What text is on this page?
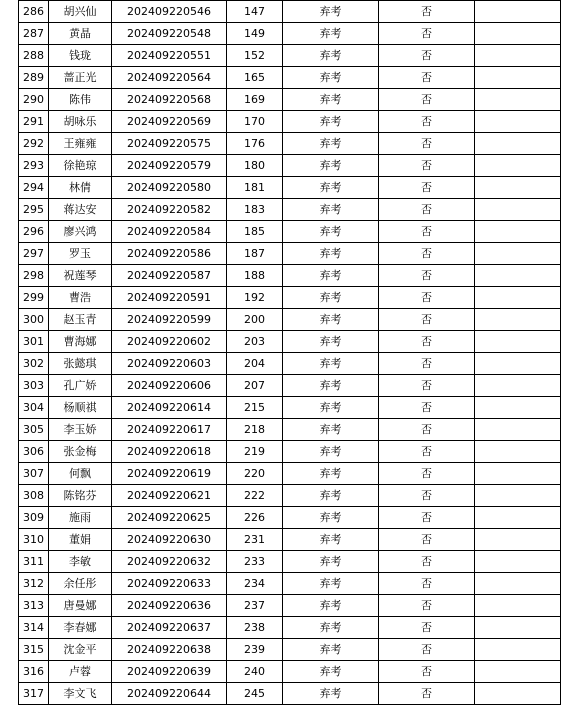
286	胡兴仙	202409220546	147	弃考	否	
287	黄晶	202409220548	149	弃考	否	
288	钱珑	202409220551	152	弃考	否	
289	蔷正光	202409220564	165	弃考	否	
290	陈伟	202409220568	169	弃考	否	
291	胡咏乐	202409220569	170	弃考	否	
292	王雍雍	202409220575	176	弃考	否	
293	徐艳琼	202409220579	180	弃考	否	
294	林倩	202409220580	181	弃考	否	
295	蒋达安	202409220582	183	弃考	否	
296	廖兴鸿	202409220584	185	弃考	否	
297	罗玉	202409220586	187	弃考	否	
298	祝莲琴	202409220587	188	弃考	否	
299	曹浩	202409220591	192	弃考	否	
300	赵玉青	202409220599	200	弃考	否	
301	曹海娜	202409220602	203	弃考	否	
302	张懿琪	202409220603	204	弃考	否	
303	孔广娇	202409220606	207	弃考	否	
304	杨顺祺	202409220614	215	弃考	否	
305	李玉娇	202409220617	218	弃考	否	
306	张金梅	202409220618	219	弃考	否	
307	何飘	202409220619	220	弃考	否	
308	陈铭芬	202409220621	222	弃考	否	
309	施雨	202409220625	226	弃考	否	
310	董娟	202409220630	231	弃考	否	
311	李敏	202409220632	233	弃考	否	
312	余任彤	202409220633	234	弃考	否	
313	唐曼娜	202409220636	237	弃考	否	
314	李春娜	202409220637	238	弃考	否	
315	沈金平	202409220638	239	弃考	否	
316	卢蓉	202409220639	240	弃考	否	
317	李文飞	202409220644	245	弃考	否	
